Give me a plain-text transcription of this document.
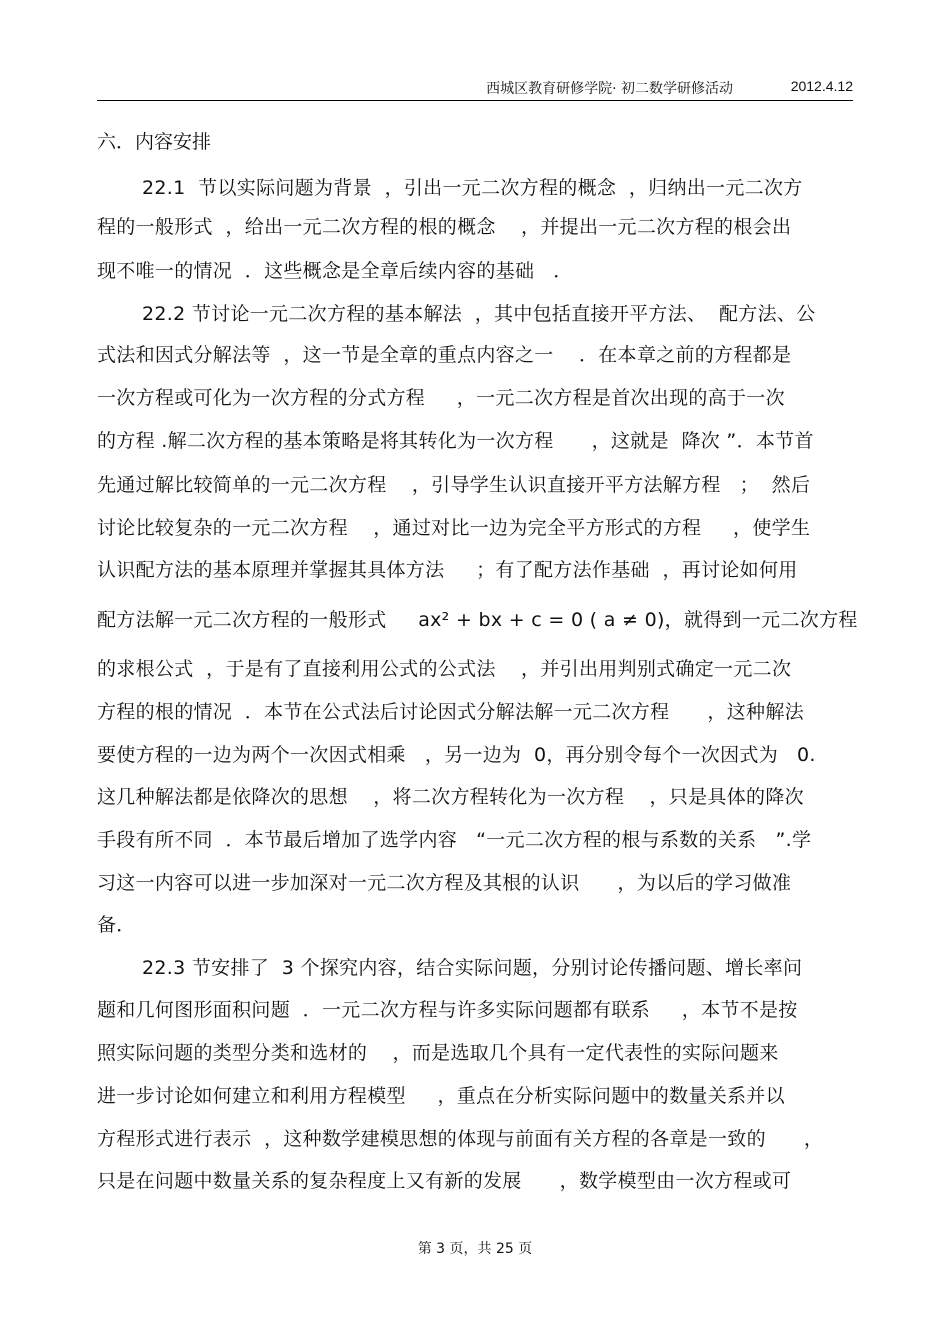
西城区教育研修学院· 初二数学研修活动	2012.4.12
六．内容安排
22.1  节以实际问题为背景  ，引出一元二次方程的概念  ，归纳出一元二次方
程的一般形式  ，给出一元二次方程的根的概念    ，并提出一元二次方程的根会出
现不唯一的情况  ．这些概念是全章后续内容的基础   ．
22.2 节讨论一元二次方程的基本解法  ，其中包括直接开平方法、  配方法、公
式法和因式分解法等  ，这一节是全章的重点内容之一    ．在本章之前的方程都是
一次方程或可化为一次方程的分式方程     ，一元二次方程是首次出现的高于一次
的方程 .解二次方程的基本策略是将其转化为一次方程      ，这就是  降次 ”．本节首
先通过解比较简单的一元二次方程    ，引导学生认识直接开平方法解方程   ；  然后
讨论比较复杂的一元二次方程    ，通过对比一边为完全平方形式的方程     ，使学生
认识配方法的基本原理并掌握其具体方法     ；有了配方法作基础  ，再讨论如何用
配方法解一元二次方程的一般形式     ax² + bx + c = 0 ( a ≠ 0)，就得到一元二次方程
的求根公式  ，于是有了直接利用公式的公式法    ，并引出用判别式确定一元二次
方程的根的情况  ．本节在公式法后讨论因式分解法解一元二次方程      ，这种解法
要使方程的一边为两个一次因式相乘   ，另一边为  0，再分别令每个一次因式为   0.
这几种解法都是依降次的思想    ，将二次方程转化为一次方程    ，只是具体的降次
手段有所不同  ．本节最后增加了选学内容   “一元二次方程的根与系数的关系   ”.学
习这一内容可以进一步加深对一元二次方程及其根的认识      ，为以后的学习做准
备．
22.3 节安排了  3 个探究内容，结合实际问题，分别讨论传播问题、增长率问
题和几何图形面积问题  ．一元二次方程与许多实际问题都有联系     ，本节不是按
照实际问题的类型分类和选材的    ，而是选取几个具有一定代表性的实际问题来
进一步讨论如何建立和利用方程模型     ，重点在分析实际问题中的数量关系并以
方程形式进行表示  ，这种数学建模思想的体现与前面有关方程的各章是一致的      ，
只是在问题中数量关系的复杂程度上又有新的发展      ，数学模型由一次方程或可
第 3 页，共 25 页
